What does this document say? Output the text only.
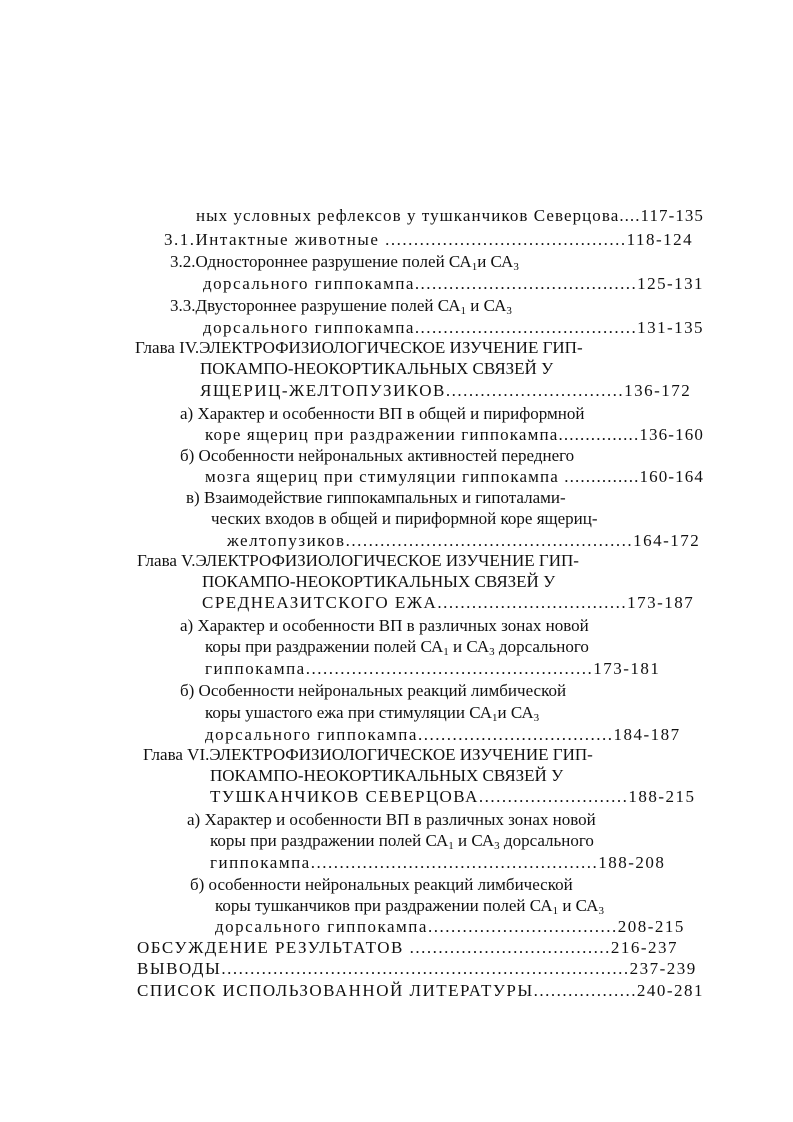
ных условных рефлексов у тушканчиков Северцова....117-135
3.1.Интактные животные ..........................................118-124
3.2.Одностороннее разрушение полей $СА_1и$ $СА_3$
дорсального гиппокампа.......................................125-131
3.3.Двустороннее разрушение полей $СА_1$ и $СА_3$
дорсального гиппокампа.......................................131-135
Глава IV.ЭЛЕКТРОФИЗИОЛОГИЧЕСКОЕ ИЗУЧЕНИЕ ГИП-
ПОКАМПО-НЕОКОРТИКАЛЬНЫХ СВЯЗЕЙ У
ЯЩЕРИЦ-ЖЕЛТОПУЗИКОВ...............................136-172
а) Характер и особенности ВП в общей и пириформной
коре ящериц при раздражении гиппокампа...............136-160
б) Особенности нейрональных активностей переднего
мозга ящериц при стимуляции гиппокампа ..............160-164
в) Взаимодействие гиппокампальных и гипоталами-
ческих входов в общей и пириформной коре ящериц-
желтопузиков..................................................164-172
Глава V.ЭЛЕКТРОФИЗИОЛОГИЧЕСКОЕ ИЗУЧЕНИЕ ГИП-
ПОКАМПО-НЕОКОРТИКАЛЬНЫХ СВЯЗЕЙ У
СРЕДНЕАЗИТСКОГО ЕЖА.................................173-187
а) Характер и особенности ВП в различных зонах новой
коры при раздражении полей $СА_1$ и $СА_3$ дорсального
гиппокампа..................................................173-181
б) Особенности нейрональных реакций лимбической
коры ушастого ежа при стимуляции $СА_1и$ $СА_3$
дорсального гиппокампа..................................184-187
Глава VI.ЭЛЕКТРОФИЗИОЛОГИЧЕСКОЕ ИЗУЧЕНИЕ ГИП-
ПОКАМПО-НЕОКОРТИКАЛЬНЫХ СВЯЗЕЙ У
ТУШКАНЧИКОВ СЕВЕРЦОВА..........................188-215
а) Характер и особенности ВП в различных зонах новой
коры при раздражении полей $СА_1$ и $СА_3$ дорсального
гиппокампа..................................................188-208
б) особенности нейрональных реакций лимбической
коры тушканчиков при раздражении полей $СА_1$ и $СА_3$
дорсального гиппокампа.................................208-215
ОБСУЖДЕНИЕ РЕЗУЛЬТАТОВ ...................................216-237
ВЫВОДЫ.......................................................................237-239
СПИСОК ИСПОЛЬЗОВАННОЙ ЛИТЕРАТУРЫ..................240-281
